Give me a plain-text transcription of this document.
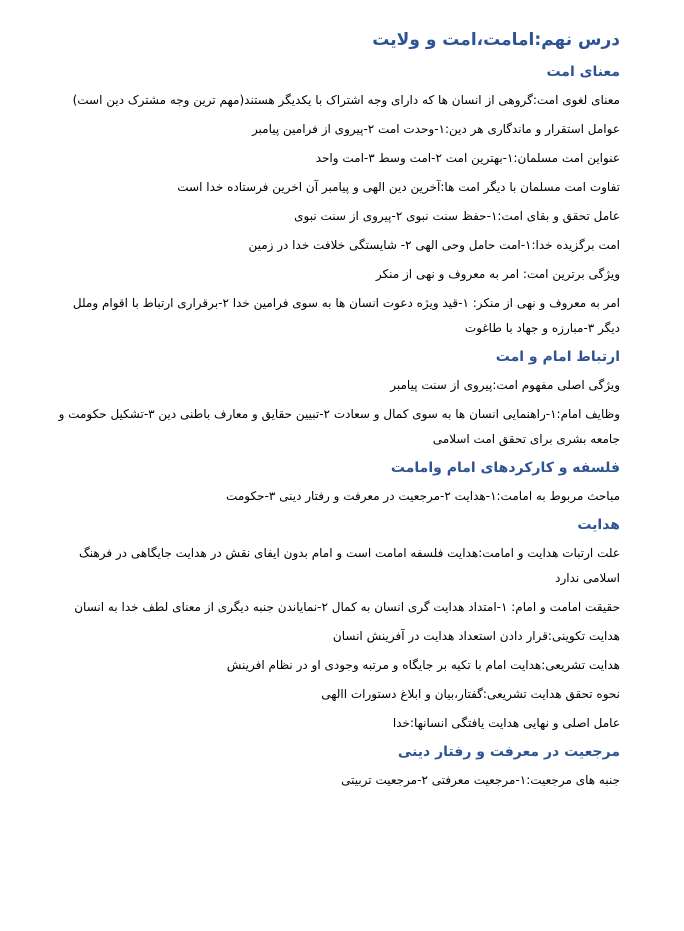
درس نهم:امامت،امت و ولایت
معنای امت

معنای لغوی امت:گروهی از انسان ها که دارای وجه اشتراک با یکدیگر هستند(مهم ترین وجه مشترک دین است)

عوامل استقرار و ماندگاری هر دین:۱-وحدت امت ۲-پیروی از فرامین پیامبر

عنواین امت مسلمان:۱-بهترین امت ۲-امت وسط ۳-امت واحد

تفاوت امت مسلمان با دیگر امت ها:آخرین دین الهی و پیامبر آن اخرین فرستاده خدا است

عامل تحقق و بقای امت:۱-حفظ سنت نبوی ۲-پیروی از سنت نبوی

امت برگزیده خدا:۱-امت حامل وحی الهی ۲- شایستگی خلافت خدا در زمین

ویژگی برترین امت: امر به معروف و نهی از منکر

امر به معروف و نهی از منکر: ۱-قید ویژه دعوت انسان ها به سوی فرامین خدا ۲-برقراری ارتباط با اقوام وملل دیگر ۳-مبارزه و جهاد با طاغوت

ارتباط امام و امت

ویژگی اصلی مفهوم امت:پیروی از سنت پیامبر

وظایف امام:۱-راهنمایی انسان ها به سوی کمال و سعادت ۲-تبیین حقایق و معارف باطنی دین ۳-تشکیل حکومت و جامعه بشری برای تحقق امت اسلامی

فلسفه و کارکردهای امام وامامت

مباحث مربوط به امامت:۱-هدایت ۲-مرجعیت در معرفت و رفتار دینی ۳-حکومت

هدایت

علت ارتبات هدایت و امامت:هدایت فلسفه امامت است و امام بدون ایفای نقش در هدایت جایگاهی در فرهنگ اسلامی ندارد

حقیقت امامت و امام: ۱-امتداد هدایت گری انسان به کمال ۲-نمایاندن جنبه دیگری از معنای لطف خدا به انسان

هدایت تکوینی:قرار دادن استعداد هدایت در آفرینش انسان

هدایت تشریعی:هدایت امام با تکیه بر جایگاه و مرتبه وجودی او در نظام افرینش

نحوه تحقق هدایت تشریعی:گفتار،بیان و ابلاغ دستورات االهی

عامل اصلی و نهایی هدایت یافتگی انسانها:خدا

مرجعیت در معرفت و رفتار دینی

جنبه های مرجعیت:۱-مرجعیت معرفتی ۲-مرجعیت تربیتی
